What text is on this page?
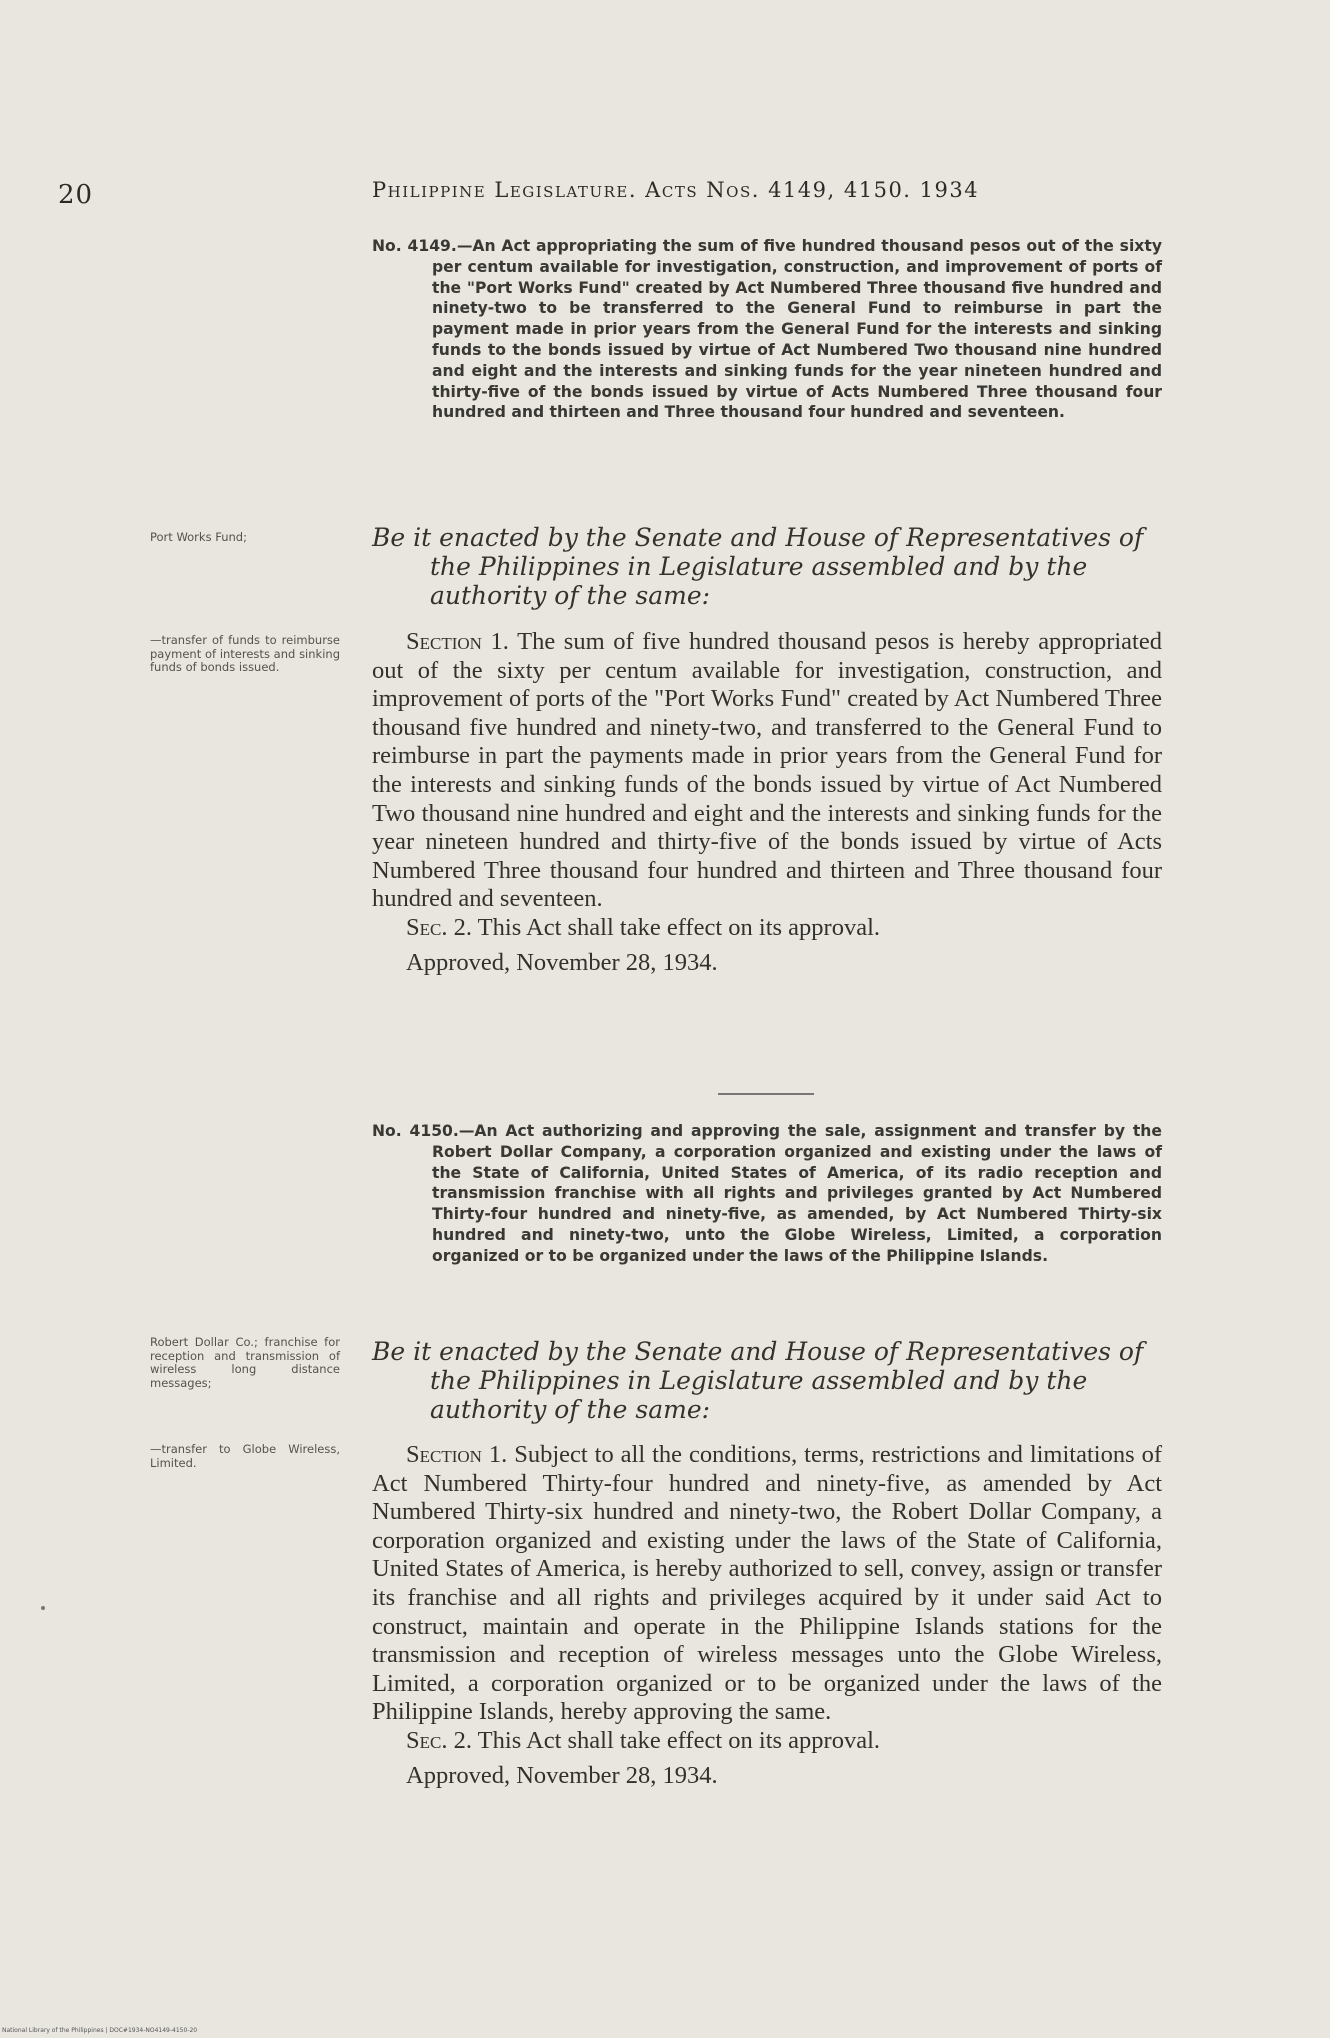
20	Philippine Legislature. Acts Nos. 4149, 4150. 1934
No. 4149.—An Act appropriating the sum of five hundred thousand pesos out of the sixty per centum available for investigation, construction, and improvement of ports of the "Port Works Fund" created by Act Numbered Three thousand five hundred and ninety-two to be transferred to the General Fund to reimburse in part the payment made in prior years from the General Fund for the interests and sinking funds to the bonds issued by virtue of Act Numbered Two thousand nine hundred and eight and the interests and sinking funds for the year nineteen hundred and thirty-five of the bonds issued by virtue of Acts Numbered Three thousand four hundred and thirteen and Three thousand four hundred and seventeen.
Port Works Fund;	Be it enacted by the Senate and House of Representatives of the Philippines in Legislature assembled and by the authority of the same:
—transfer of funds to reimburse payment of interests and sinking funds of bonds issued.

Section 1. The sum of five hundred thousand pesos is hereby appropriated out of the sixty per centum available for investigation, construction, and improvement of ports of the "Port Works Fund" created by Act Numbered Three thousand five hundred and ninety-two, and transferred to the General Fund to reimburse in part the payments made in prior years from the General Fund for the interests and sinking funds of the bonds issued by virtue of Act Numbered Two thousand nine hundred and eight and the interests and sinking funds for the year nineteen hundred and thirty-five of the bonds issued by virtue of Acts Numbered Three thousand four hundred and thirteen and Three thousand four hundred and seventeen.

Sec. 2. This Act shall take effect on its approval.

Approved, November 28, 1934.

No. 4150.—An Act authorizing and approving the sale, assignment and transfer by the Robert Dollar Company, a corporation organized and existing under the laws of the State of California, United States of America, of its radio reception and transmission franchise with all rights and privileges granted by Act Numbered Thirty-four hundred and ninety-five, as amended, by Act Numbered Thirty-six hundred and ninety-two, unto the Globe Wireless, Limited, a corporation organized or to be organized under the laws of the Philippine Islands.
Robert Dollar Co.; franchise for reception and transmission of wireless long distance messages;
Be it enacted by the Senate and House of Representatives of the Philippines in Legislature assembled and by the authority of the same:
—transfer to Globe Wireless, Limited.	Section 1. Subject to all the conditions, terms, restrictions and limitations of Act Numbered Thirty-four hundred and ninety-five, as amended by Act Numbered Thirty-six hundred and ninety-two, the Robert Dollar Company, a corporation organized and existing under the laws of the State of California, United States of America, is hereby authorized to sell, convey, assign or transfer its franchise and all rights and privileges acquired by it under said Act to construct, maintain and operate in the Philippine Islands stations for the transmission and reception of wireless messages unto the Globe Wireless, Limited, a corporation organized or to be organized under the laws of the Philippine Islands, hereby approving the same.

Sec. 2. This Act shall take effect on its approval.

Approved, November 28, 1934.

National Library of the Philippines | DOC#1934-NO4149-4150-20
